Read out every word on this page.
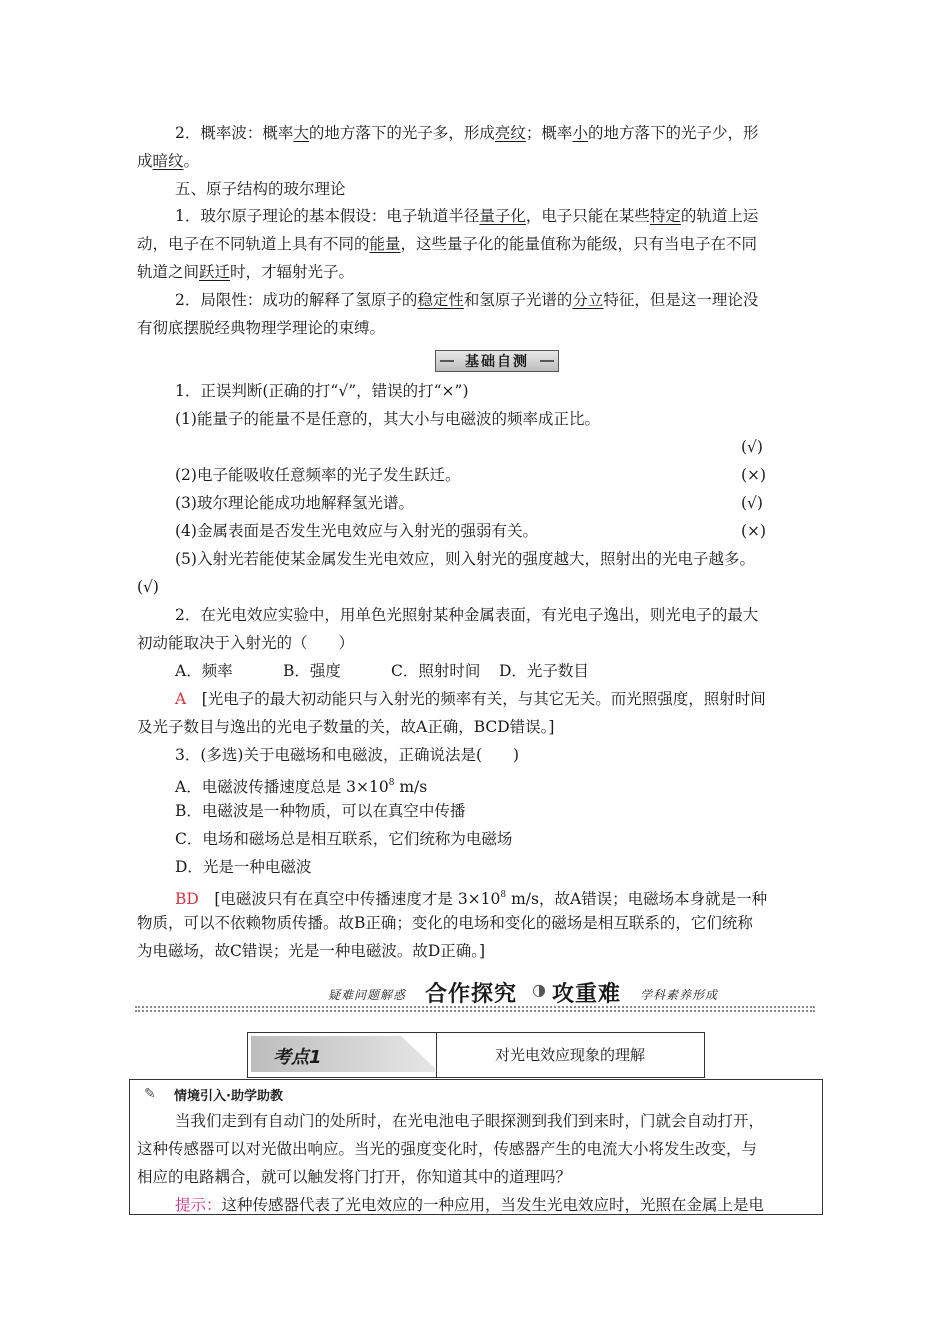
2．概率波：概率大的地方落下的光子多，形成亮纹；概率小的地方落下的光子少，形
成暗纹。
五、原子结构的玻尔理论
1．玻尔原子理论的基本假设：电子轨道半径量子化，电子只能在某些特定的轨道上运
动，电子在不同轨道上具有不同的能量，这些量子化的能量值称为能级，只有当电子在不同
轨道之间跃迁时，才辐射光子。
2．局限性：成功的解释了氢原子的稳定性和氢原子光谱的分立特征，但是这一理论没
有彻底摆脱经典物理学理论的束缚。
基础自测
1．正误判断(正确的打“√”，错误的打“×”)
(1)能量子的能量不是任意的，其大小与电磁波的频率成正比。
(√)
(2)电子能吸收任意频率的光子发生跃迁。	(×)
(3)玻尔理论能成功地解释氢光谱。	(√)
(4)金属表面是否发生光电效应与入射光的强弱有关。	(×)
(5)入射光若能使某金属发生光电效应，则入射光的强度越大，照射出的光电子越多。
(√)
2．在光电效应实验中，用单色光照射某种金属表面，有光电子逸出，则光电子的最大
初动能取决于入射光的（　　）
A．频率	B．强度	C．照射时间 D．光子数目
A　 [光电子的最大初动能只与入射光的频率有关，与其它无关。而光照强度，照射时间
及光子数目与逸出的光电子数量的关，故A正确，BCD错误。]
3．(多选)关于电磁场和电磁波，正确说法是(　　)
A．电磁波传播速度总是 $3\times 10^8$ m/s
B．电磁波是一种物质，可以在真空中传播
C．电场和磁场总是相互联系，它们统称为电磁场
D．光是一种电磁波
BD　 [电磁波只有在真空中传播速度才是 $3\times 10^8$ m/s，故A错误；电磁场本身就是一种
物质，可以不依赖物质传播。故B正确；变化的电场和变化的磁场是相互联系的，它们统称
为电磁场，故C错误；光是一种电磁波。故D正确。]
疑难问题解惑 合作探究 ◑ 攻重难 学科素养形成
考点1	对光电效应现象的理解
✎ 情境引入·助学助教
当我们走到有自动门的处所时，在光电池电子眼探测到我们到来时，门就会自动打开，
这种传感器可以对光做出响应。当光的强度变化时，传感器产生的电流大小将发生改变，与
相应的电路耦合，就可以触发将门打开，你知道其中的道理吗？
提示：这种传感器代表了光电效应的一种应用，当发生光电效应时，光照在金属上是电
